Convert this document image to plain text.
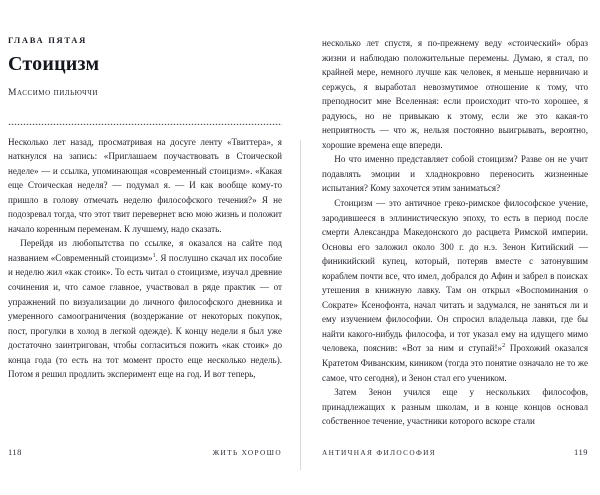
ГЛАВА ПЯТАЯ

Стоицизм

Массимо пильюччи

Несколько лет назад, просматривая на досуге ленту «Твиттера», я наткнулся на запись: «Приглашаем поучаствовать в Стоической неделе» — и ссылка, упоминающая «современный стоицизм». «Какая еще Стоическая неделя? — подумал я. — И как вообще кому-то пришло в голову отмечать неделю философского течения?» Я не подозревал тогда, что этот твит перевернет всю мою жизнь и положит начало коренным переменам. К лучшему, надо сказать.

Перейдя из любопытства по ссылке, я оказался на сайте под названием «Современный стоицизм»$^1$. Я послушно скачал их пособие и неделю жил «как стоик». То есть читал о стоицизме, изучал древние сочинения и, что самое главное, участвовал в ряде практик — от упражнений по визуализации до личного философского дневника и умеренного самоограничения (воздержание от некоторых покупок, пост, прогулки в холод в легкой одежде). К концу недели я был уже достаточно заинтригован, чтобы согласиться пожить «как стоик» до конца года (то есть на тот момент просто еще несколько недель). Потом я решил продлить эксперимент еще на год. И вот теперь,

118	ЖИТЬ ХОРОШО

несколько лет спустя, я по-прежнему веду «стоический» образ жизни и наблюдаю положительные перемены. Думаю, я стал, по крайней мере, немного лучше как человек, я меньше нервничаю и сержусь, я выработал невозмутимое отношение к тому, что преподносит мне Вселенная: если происходит что-то хорошее, я радуюсь, но не привыкаю к этому, если же это какая-то неприятность — что ж, нельзя постоянно выигрывать, вероятно, хорошие времена еще впереди.

Но что именно представляет собой стоицизм? Разве он не учит подавлять эмоции и хладнокровно переносить жизненные испытания? Кому захочется этим заниматься?

Стоицизм — это античное греко-римское философское учение, зародившееся в эллинистическую эпоху, то есть в период после смерти Александра Македонского до расцвета Римской империи. Основы его заложил около 300 г. до н.э. Зенон Китийский — финикийский купец, который, потеряв вместе с затонувшим кораблем почти все, что имел, добрался до Афин и забрел в поисках утешения в книжную лавку. Там он открыл «Воспоминания о Сократе» Ксенофонта, начал читать и задумался, не заняться ли и ему изучением философии. Он спросил владельца лавки, где бы найти какого-нибудь философа, и тот указал ему на идущего мимо человека, пояснив: «Вот за ним и ступай!»$^2$ Прохожий оказался Кратетом Фиванским, киником (тогда это понятие означало не то же самое, что сегодня), и Зенон стал его учеником.

Затем Зенон учился еще у нескольких философов, принадлежащих к разным школам, и в конце концов основал собственное течение, участники которого вскоре стали

АНТИЧНАЯ ФИЛОСОФИЯ	119
